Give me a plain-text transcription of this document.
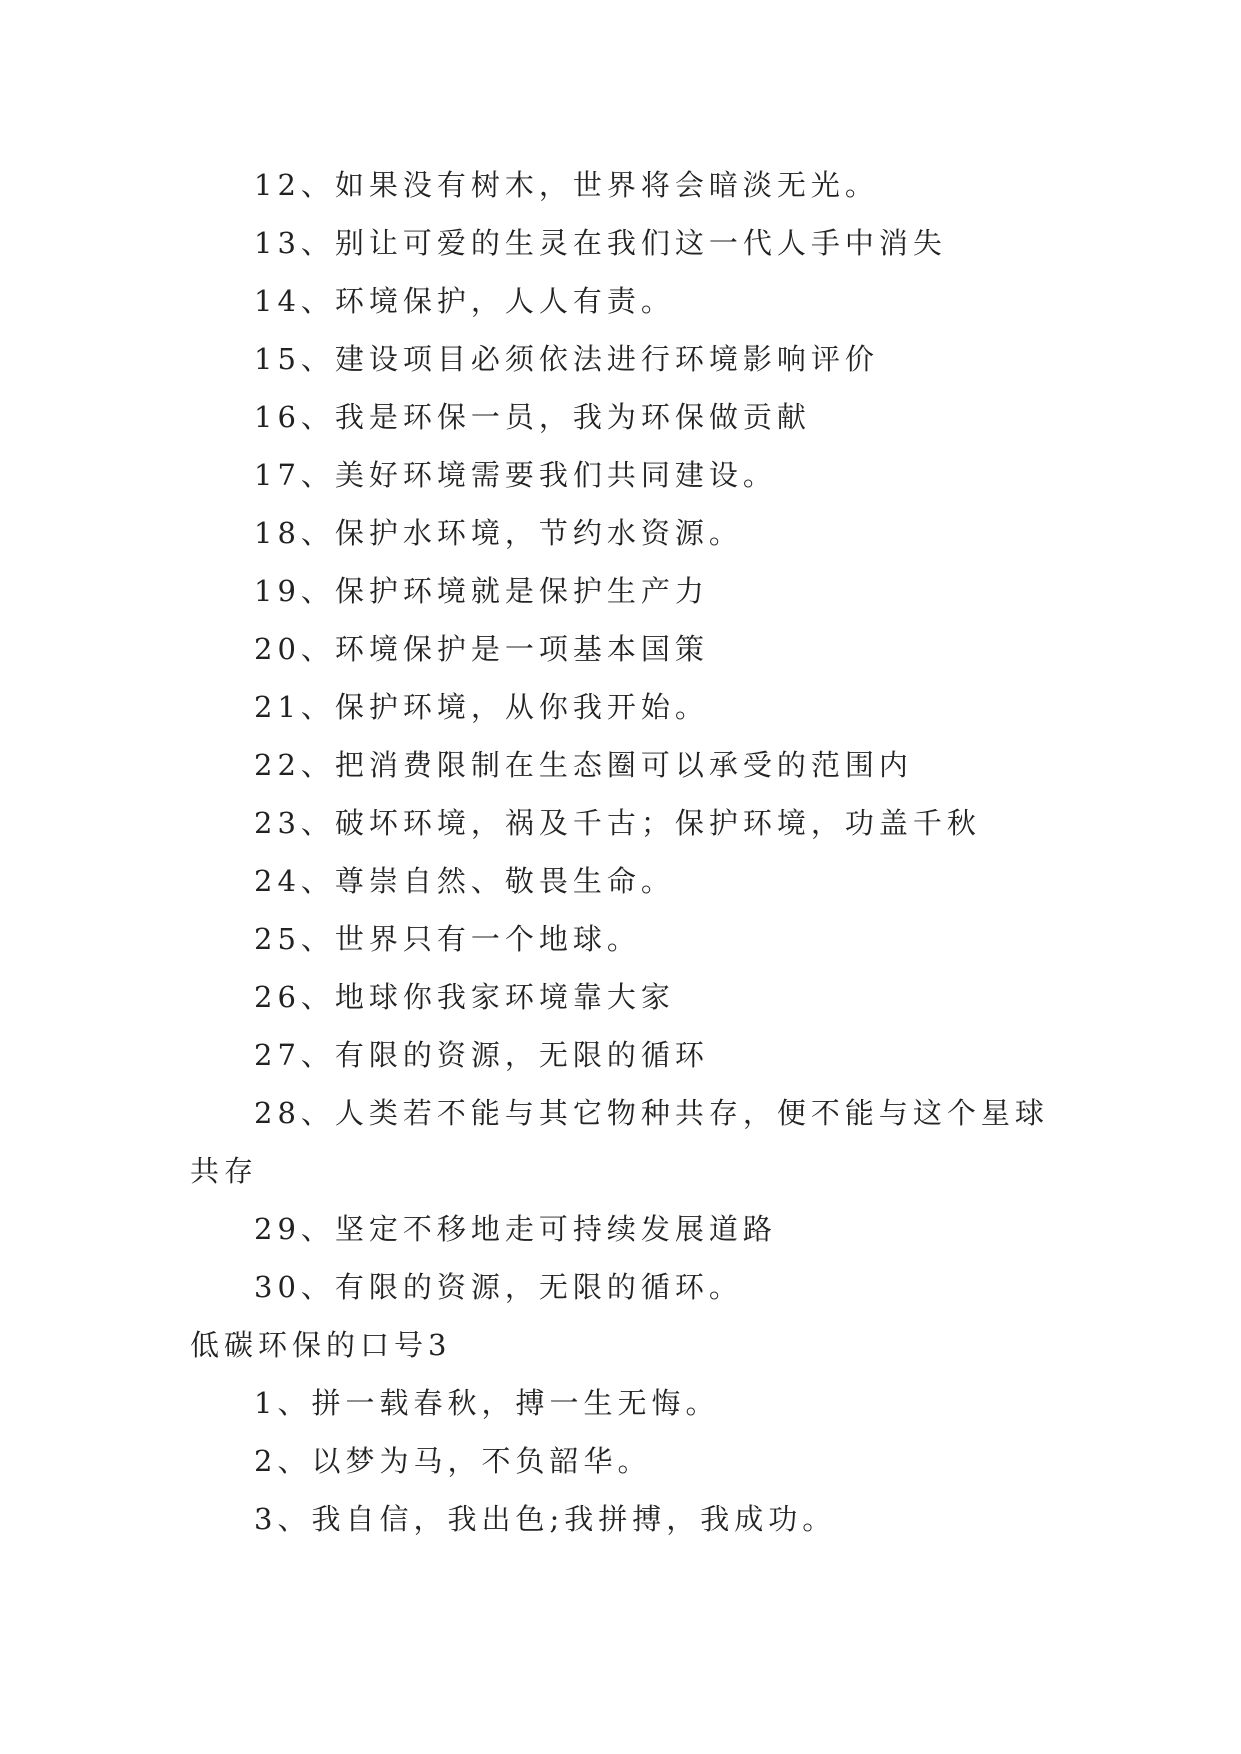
12、如果没有树木，世界将会暗淡无光。
13、别让可爱的生灵在我们这一代人手中消失
14、环境保护，人人有责。
15、建设项目必须依法进行环境影响评价
16、我是环保一员，我为环保做贡献
17、美好环境需要我们共同建设。
18、保护水环境，节约水资源。
19、保护环境就是保护生产力
20、环境保护是一项基本国策
21、保护环境，从你我开始。
22、把消费限制在生态圈可以承受的范围内
23、破坏环境，祸及千古；保护环境，功盖千秋
24、尊崇自然、敬畏生命。
25、世界只有一个地球。
26、地球你我家环境靠大家
27、有限的资源，无限的循环
28、人类若不能与其它物种共存，便不能与这个星球共存
29、坚定不移地走可持续发展道路
30、有限的资源，无限的循环。
低碳环保的口号3
1、拼一载春秋，搏一生无悔。
2、以梦为马，不负韶华。
3、我自信，我出色;我拼搏，我成功。
